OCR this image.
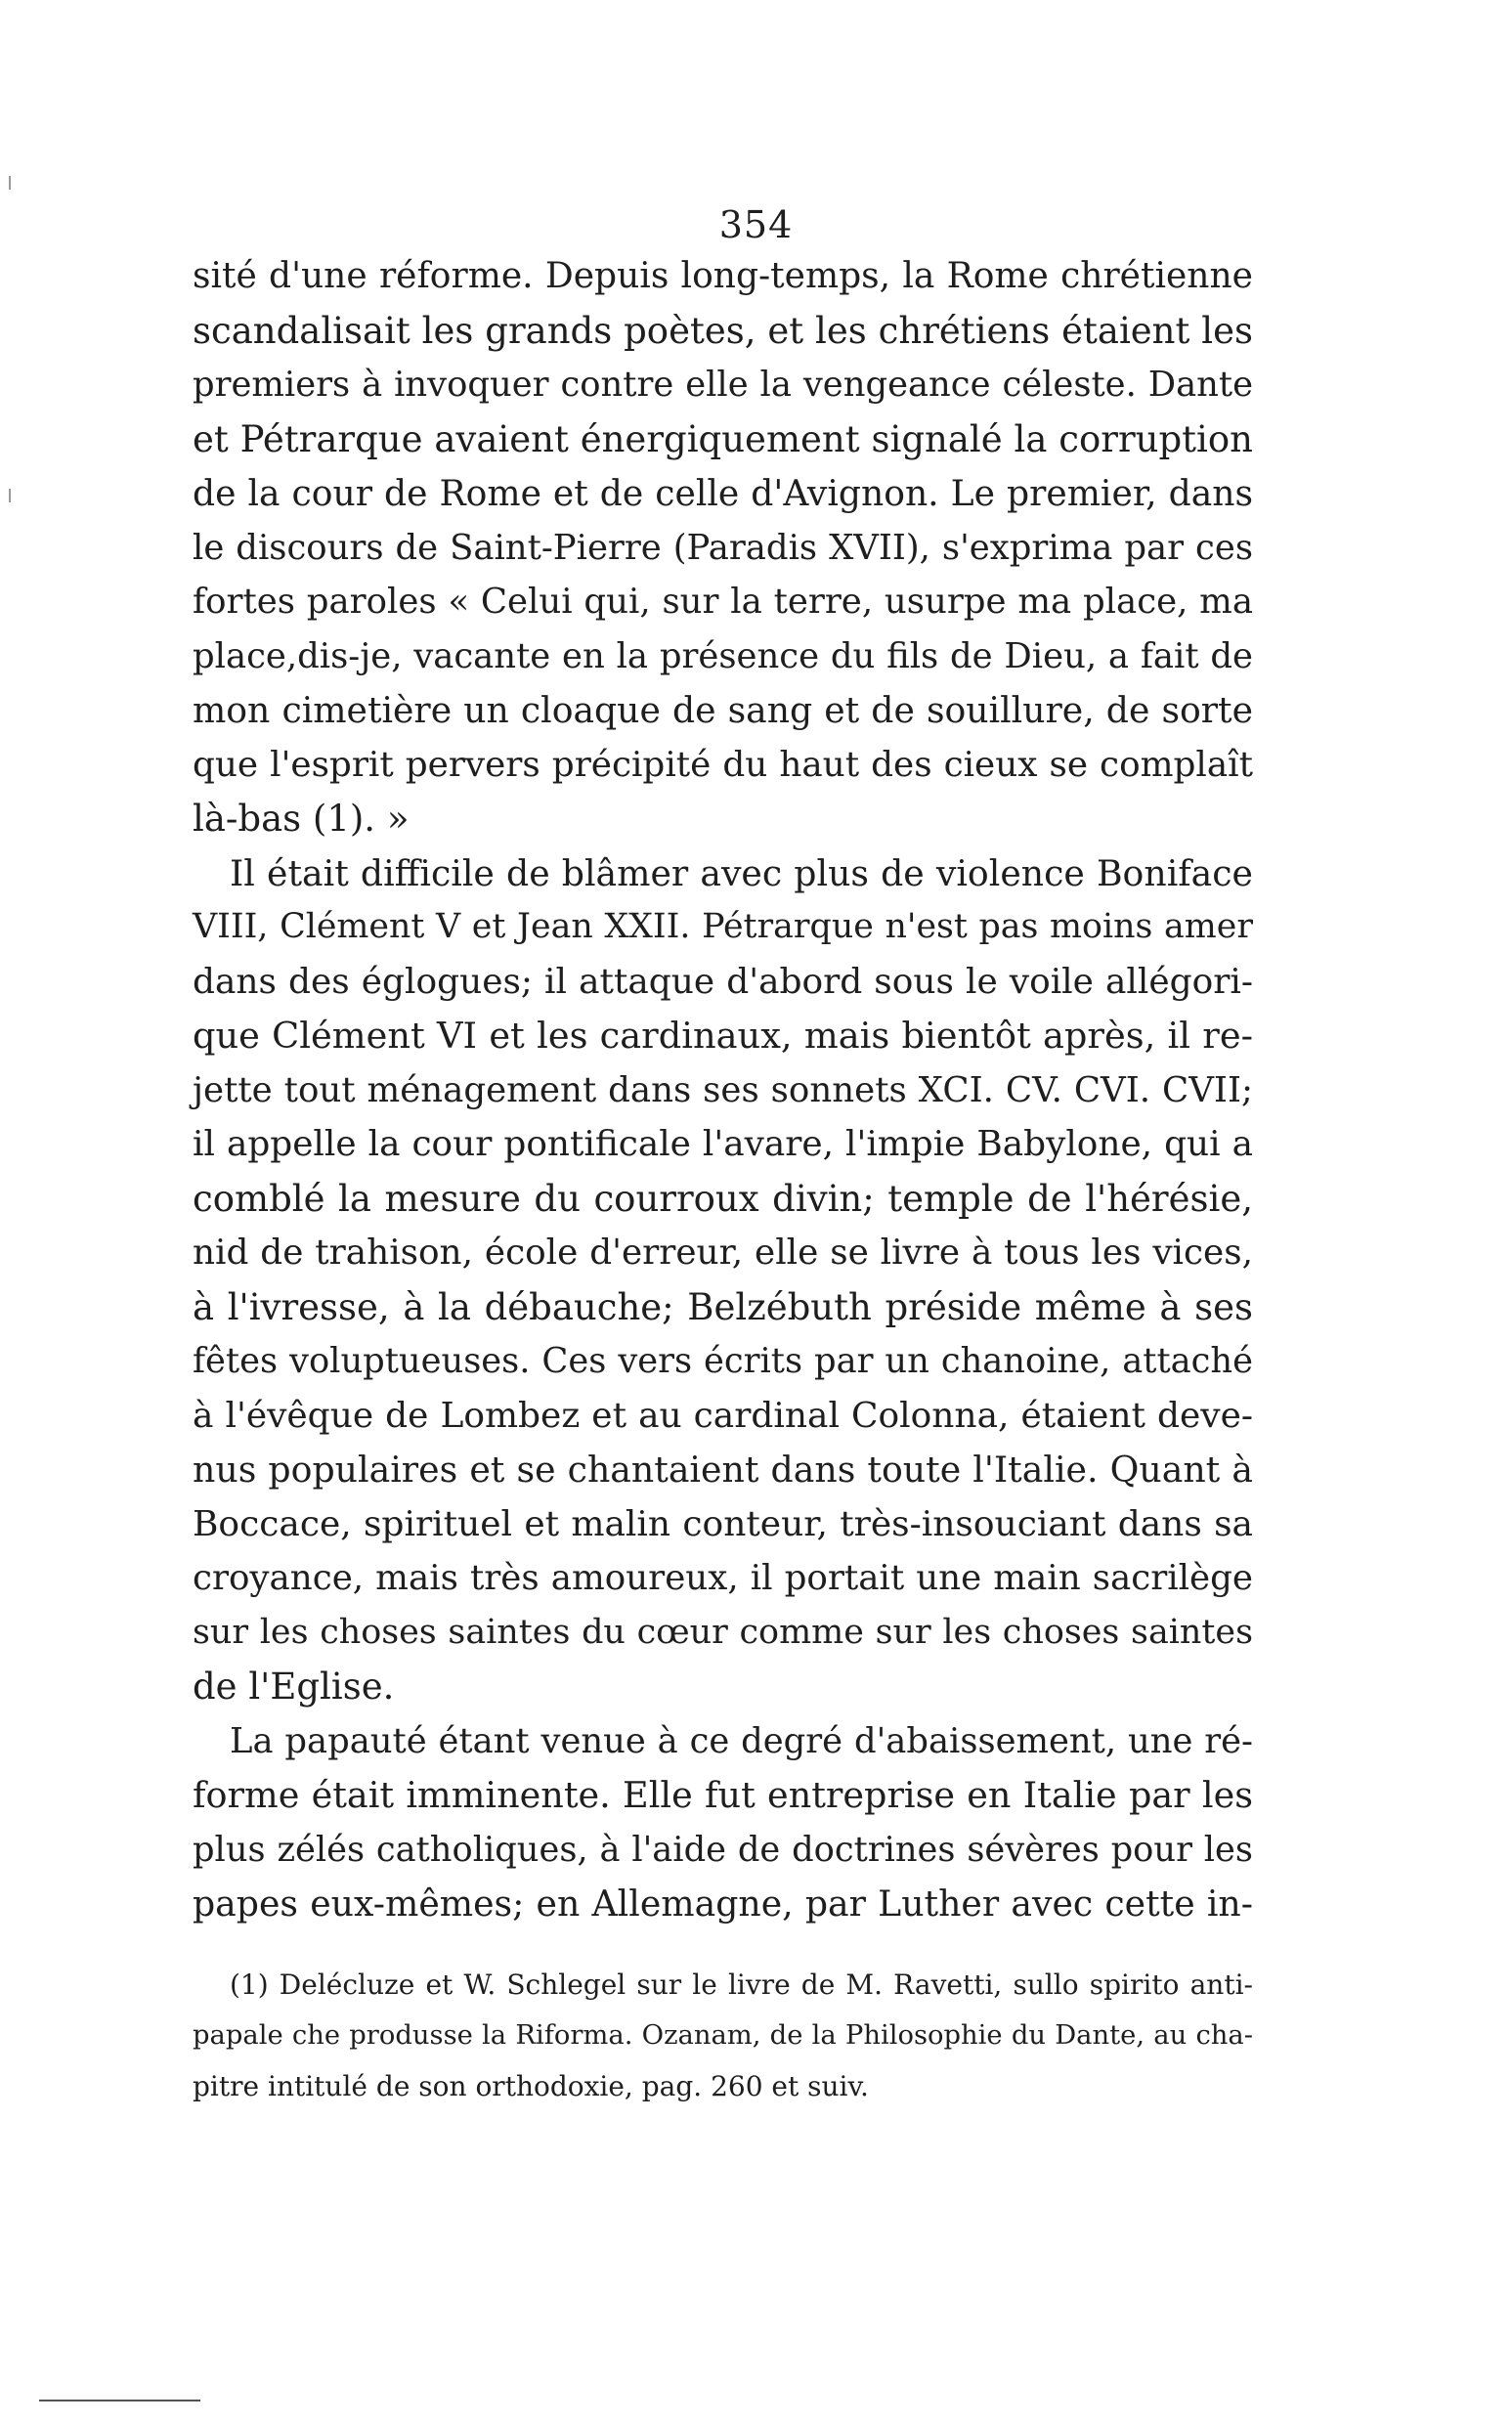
354
sité d'une réforme. Depuis long-temps, la Rome chrétienne
scandalisait les grands poètes, et les chrétiens étaient les
premiers à invoquer contre elle la vengeance céleste. Dante
et Pétrarque avaient énergiquement signalé la corruption
de la cour de Rome et de celle d'Avignon. Le premier, dans
le discours de Saint-Pierre (Paradis XVII), s'exprima par ces
fortes paroles « Celui qui, sur la terre, usurpe ma place, ma
place,dis-je, vacante en la présence du fils de Dieu, a fait de
mon cimetière un cloaque de sang et de souillure, de sorte
que l'esprit pervers précipité du haut des cieux se complaît
là-bas (1). »
Il était difficile de blâmer avec plus de violence Boniface
VIII, Clément V et Jean XXII. Pétrarque n'est pas moins amer
dans des églogues; il attaque d'abord sous le voile allégori-
que Clément VI et les cardinaux, mais bientôt après, il re-
jette tout ménagement dans ses sonnets XCI. CV. CVI. CVII;
il appelle la cour pontificale l'avare, l'impie Babylone, qui a
comblé la mesure du courroux divin; temple de l'hérésie,
nid de trahison, école d'erreur, elle se livre à tous les vices,
à l'ivresse, à la débauche; Belzébuth préside même à ses
fêtes voluptueuses. Ces vers écrits par un chanoine, attaché
à l'évêque de Lombez et au cardinal Colonna, étaient deve-
nus populaires et se chantaient dans toute l'Italie. Quant à
Boccace, spirituel et malin conteur, très-insouciant dans sa
croyance, mais très amoureux, il portait une main sacrilège
sur les choses saintes du cœur comme sur les choses saintes
de l'Eglise.
La papauté étant venue à ce degré d'abaissement, une ré-
forme était imminente. Elle fut entreprise en Italie par les
plus zélés catholiques, à l'aide de doctrines sévères pour les
papes eux-mêmes; en Allemagne, par Luther avec cette in-
(1) Delécluze et W. Schlegel sur le livre de M. Ravetti, sullo spirito anti-
papale che produsse la Riforma. Ozanam, de la Philosophie du Dante, au cha-
pitre intitulé de son orthodoxie, pag. 260 et suiv.
